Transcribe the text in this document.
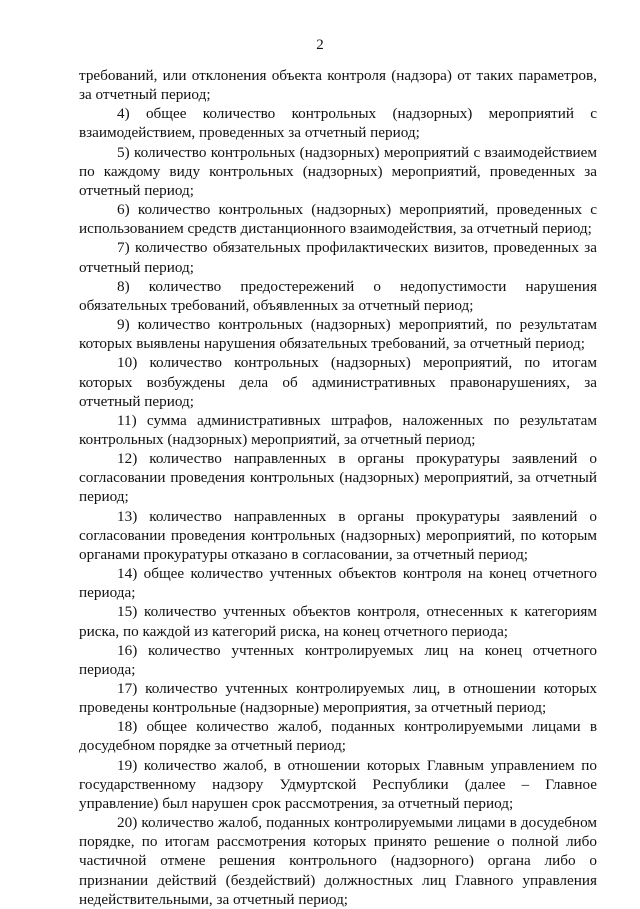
2

требований, или отклонения объекта контроля (надзора) от таких параметров, за отчетный период;

4) общее количество контрольных (надзорных) мероприятий с взаимодействием, проведенных за отчетный период;

5) количество контрольных (надзорных) мероприятий с взаимодействием по каждому виду контрольных (надзорных) мероприятий, проведенных за отчетный период;

6) количество контрольных (надзорных) мероприятий, проведенных с использованием средств дистанционного взаимодействия, за отчетный период;

7) количество обязательных профилактических визитов, проведенных за отчетный период;

8) количество предостережений о недопустимости нарушения обязательных требований, объявленных за отчетный период;

9) количество контрольных (надзорных) мероприятий, по результатам которых выявлены нарушения обязательных требований, за отчетный период;

10) количество контрольных (надзорных) мероприятий, по итогам которых возбуждены дела об административных правонарушениях, за отчетный период;

11) сумма административных штрафов, наложенных по результатам контрольных (надзорных) мероприятий, за отчетный период;

12) количество направленных в органы прокуратуры заявлений о согласовании проведения контрольных (надзорных) мероприятий, за отчетный период;

13) количество направленных в органы прокуратуры заявлений о согласовании проведения контрольных (надзорных) мероприятий, по которым органами прокуратуры отказано в согласовании, за отчетный период;

14) общее количество учтенных объектов контроля на конец отчетного периода;

15) количество учтенных объектов контроля, отнесенных к категориям риска, по каждой из категорий риска, на конец отчетного периода;

16) количество учтенных контролируемых лиц на конец отчетного периода;

17) количество учтенных контролируемых лиц, в отношении которых проведены контрольные (надзорные) мероприятия, за отчетный период;

18) общее количество жалоб, поданных контролируемыми лицами в досудебном порядке за отчетный период;

19) количество жалоб, в отношении которых Главным управлением по государственному надзору Удмуртской Республики (далее – Главное управление) был нарушен срок рассмотрения, за отчетный период;

20) количество жалоб, поданных контролируемыми лицами в досудебном порядке, по итогам рассмотрения которых принято решение о полной либо частичной отмене решения контрольного (надзорного) органа либо о признании действий (бездействий) должностных лиц Главного управления недействительными, за отчетный период;
